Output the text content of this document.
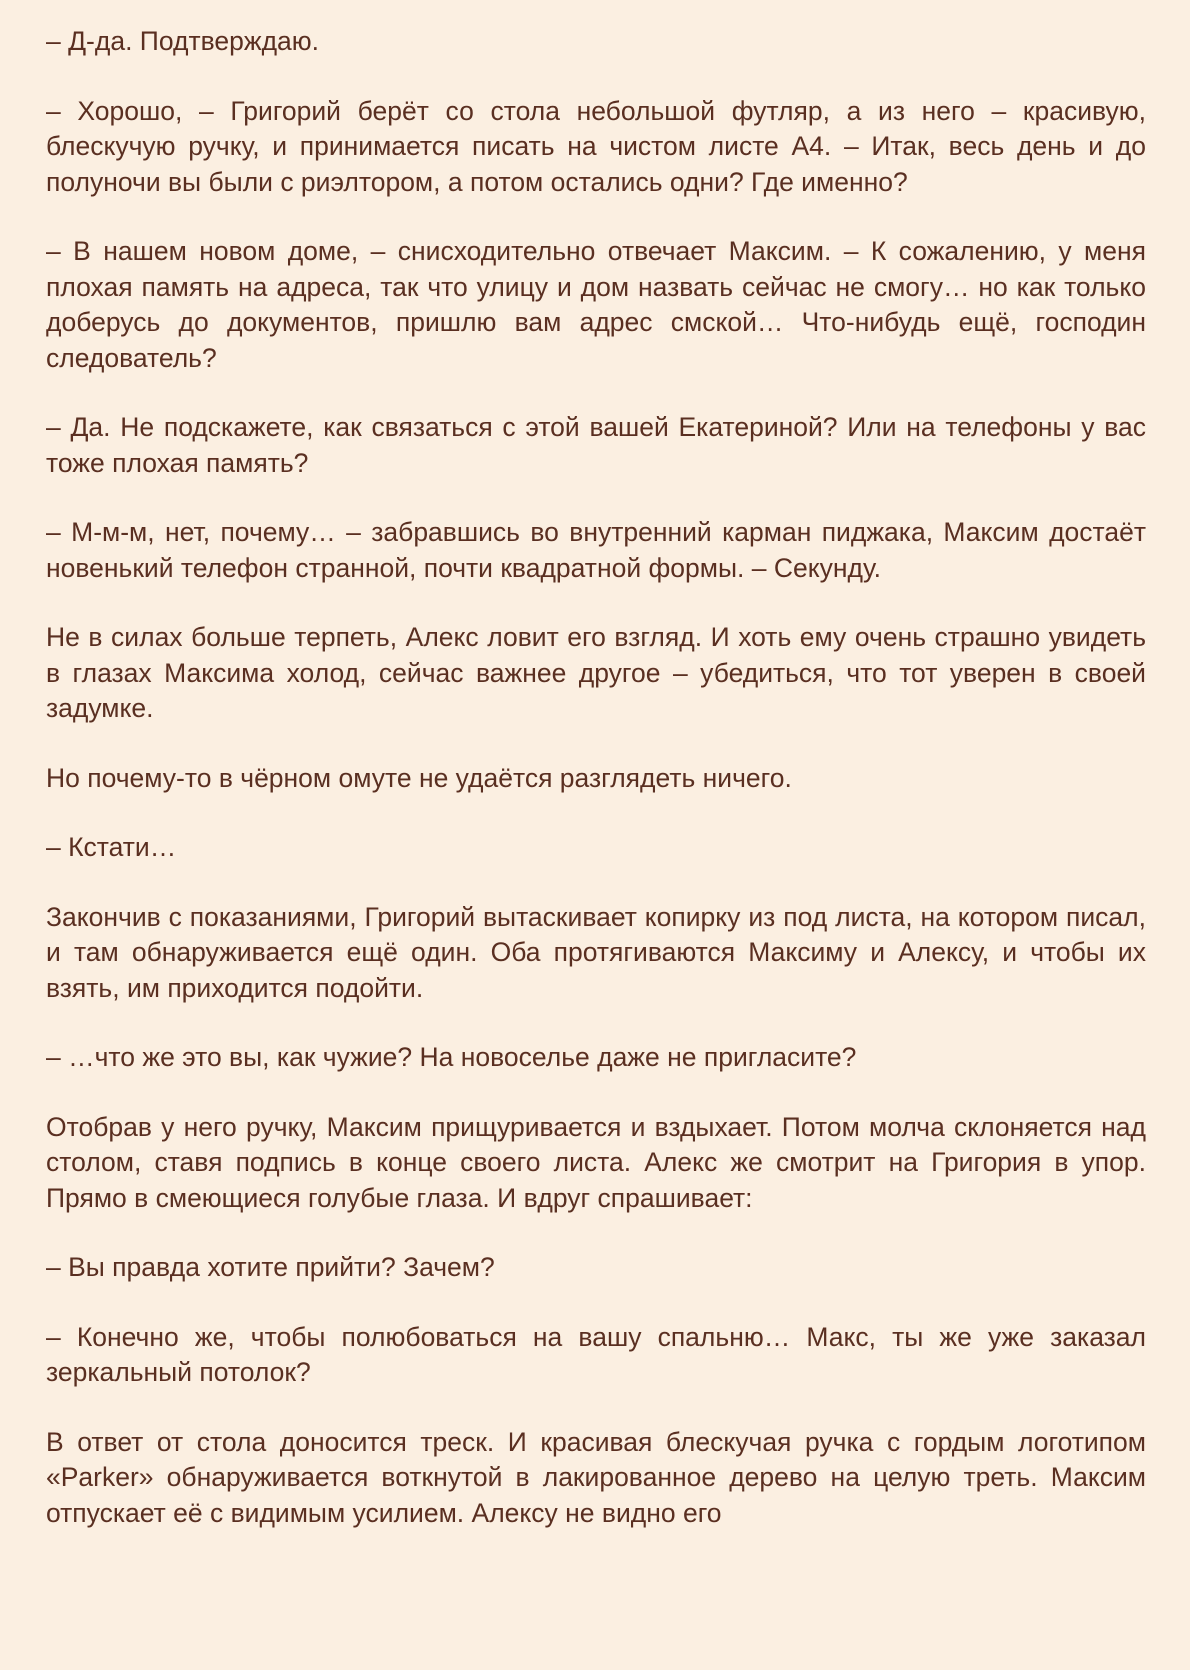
– Д-да. Подтверждаю.

– Хорошо, – Григорий берёт со стола небольшой футляр, а из него – красивую, блескучую ручку, и принимается писать на чистом листе А4. – Итак, весь день и до полуночи вы были с риэлтором, а потом остались одни? Где именно?

– В нашем новом доме, – снисходительно отвечает Максим. – К сожалению, у меня плохая память на адреса, так что улицу и дом назвать сейчас не смогу… но как только доберусь до документов, пришлю вам адрес смской… Что-нибудь ещё, господин следователь?

– Да. Не подскажете, как связаться с этой вашей Екатериной? Или на телефоны у вас тоже плохая память?

– М-м-м, нет, почему… – забравшись во внутренний карман пиджака, Максим достаёт новенький телефон странной, почти квадратной формы. – Секунду.

Не в силах больше терпеть, Алекс ловит его взгляд. И хоть ему очень страшно увидеть в глазах Максима холод, сейчас важнее другое – убедиться, что тот уверен в своей задумке.

Но почему-то в чёрном омуте не удаётся разглядеть ничего.

– Кстати…

Закончив с показаниями, Григорий вытаскивает копирку из под листа, на котором писал, и там обнаруживается ещё один. Оба протягиваются Максиму и Алексу, и чтобы их взять, им приходится подойти.

– …что же это вы, как чужие? На новоселье даже не пригласите?

Отобрав у него ручку, Максим прищуривается и вздыхает. Потом молча склоняется над столом, ставя подпись в конце своего листа. Алекс же смотрит на Григория в упор. Прямо в смеющиеся голубые глаза. И вдруг спрашивает:

– Вы правда хотите прийти? Зачем?

– Конечно же, чтобы полюбоваться на вашу спальню… Макс, ты же уже заказал зеркальный потолок?

В ответ от стола доносится треск. И красивая блескучая ручка с гордым логотипом «Parker» обнаруживается воткнутой в лакированное дерево на целую треть. Максим отпускает её с видимым усилием. Алексу не видно его
